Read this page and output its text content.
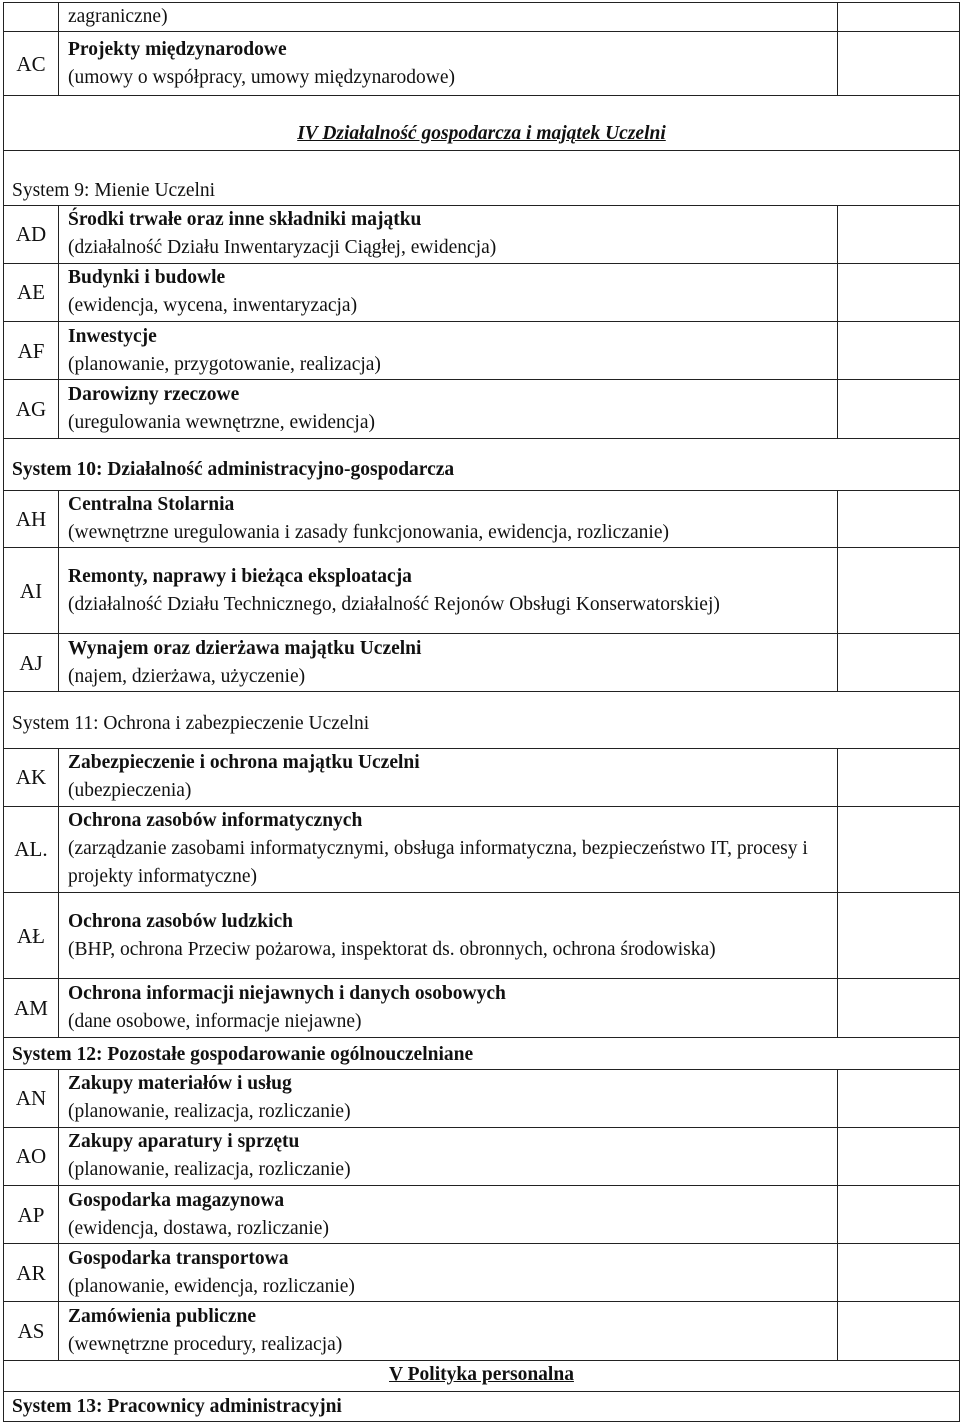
	zagraniczne)	
AC	Projekty międzynarodowe
(umowy o współpracy, umowy międzynarodowe)	

IV Działalność gospodarcza i majątek Uczelni		
System 9: Mienie Uczelni		
AD	Środki trwałe oraz inne składniki majątku
(działalność Działu Inwentaryzacji Ciągłej, ewidencja)	

AE	Budynki i budowle
(ewidencja, wycena, inwentaryzacja)	

AF	Inwestycje
(planowanie, przygotowanie, realizacja)	

AG	Darowizny rzeczowe
(uregulowania wewnętrzne, ewidencja)	

System 10: Działalność administracyjno-gospodarcza		
AH	Centralna Stolarnia
(wewnętrzne uregulowania i zasady funkcjonowania, ewidencja, rozliczanie)	

AI	Remonty, naprawy i bieżąca eksploatacja
(działalność Działu Technicznego, działalność Rejonów Obsługi Konserwatorskiej)	

AJ	Wynajem oraz dzierżawa majątku Uczelni
(najem, dzierżawa, użyczenie)	

System 11: Ochrona i zabezpieczenie Uczelni		
AK	Zabezpieczenie i ochrona majątku Uczelni
(ubezpieczenia)	

AL.	Ochrona zasobów informatycznych
(zarządzanie zasobami informatycznymi, obsługa informatyczna, bezpieczeństwo IT, procesy i projekty informatyczne)	

AŁ	Ochrona zasobów ludzkich
(BHP, ochrona Przeciw pożarowa, inspektorat ds. obronnych, ochrona środowiska)	

AM	Ochrona informacji niejawnych i danych osobowych
(dane osobowe, informacje niejawne)	

System 12: Pozostałe gospodarowanie ogólnouczelniane		
AN	Zakupy materiałów i usług
(planowanie, realizacja, rozliczanie)	

AO	Zakupy aparatury i sprzętu
(planowanie, realizacja, rozliczanie)	

AP	Gospodarka magazynowa
(ewidencja, dostawa, rozliczanie)	

AR	Gospodarka transportowa
(planowanie, ewidencja, rozliczanie)	

AS	Zamówienia publiczne
(wewnętrzne procedury, realizacja)	

V Polityka personalna		
System 13: Pracownicy administracyjni		
